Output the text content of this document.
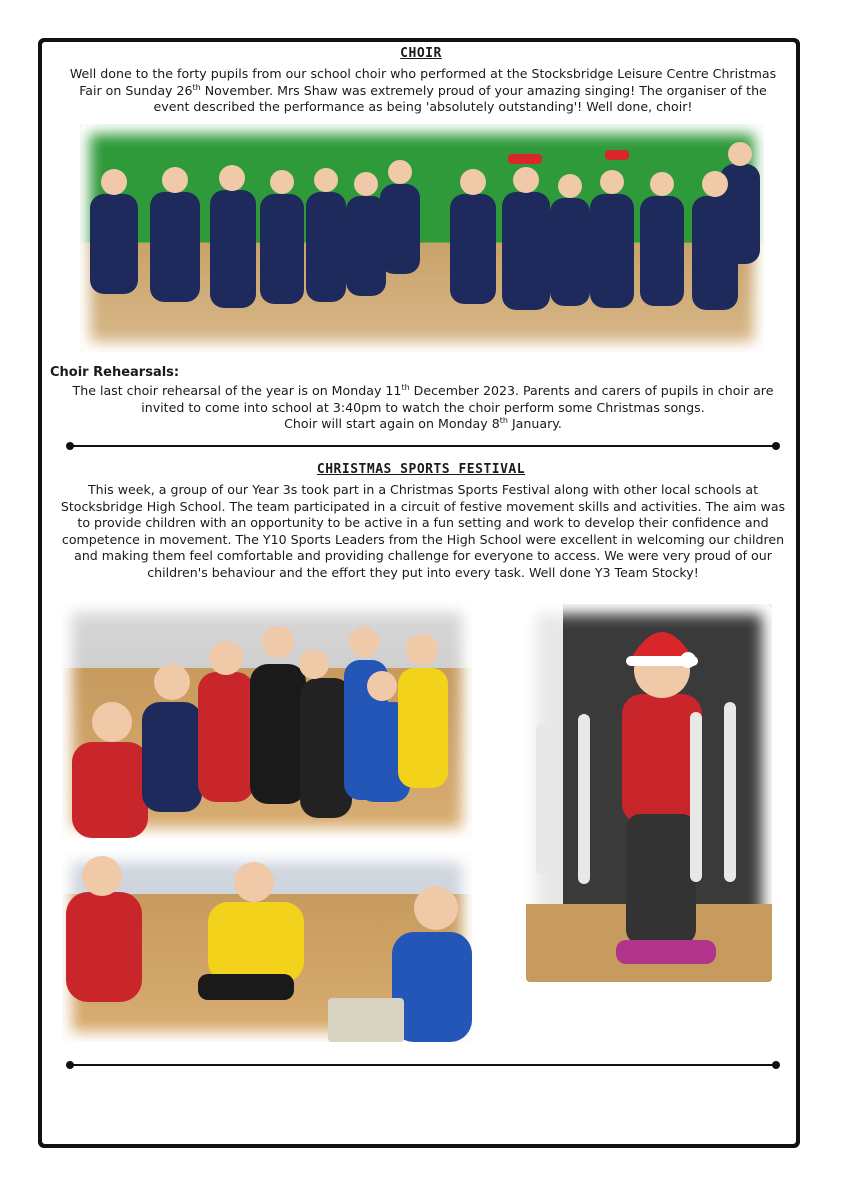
CHOIR
Well done to the forty pupils from our school choir who performed at the Stocksbridge Leisure Centre Christmas
Fair on Sunday 26th November. Mrs Shaw was extremely proud of your amazing singing! The organiser of the
event described the performance as being 'absolutely outstanding'! Well done, choir!
Choir Rehearsals:
The last choir rehearsal of the year is on Monday 11th December 2023. Parents and carers of pupils in choir are
invited to come into school at 3:40pm to watch the choir perform some Christmas songs.
Choir will start again on Monday 8th January.
CHRISTMAS SPORTS FESTIVAL
This week, a group of our Year 3s took part in a Christmas Sports Festival along with other local schools at
Stocksbridge High School. The team participated in a circuit of festive movement skills and activities. The aim was
to provide children with an opportunity to be active in a fun setting and work to develop their confidence and
competence in movement. The Y10 Sports Leaders from the High School were excellent in welcoming our children
and making them feel comfortable and providing challenge for everyone to access. We were very proud of our
children's behaviour and the effort they put into every task. Well done Y3 Team Stocky!
